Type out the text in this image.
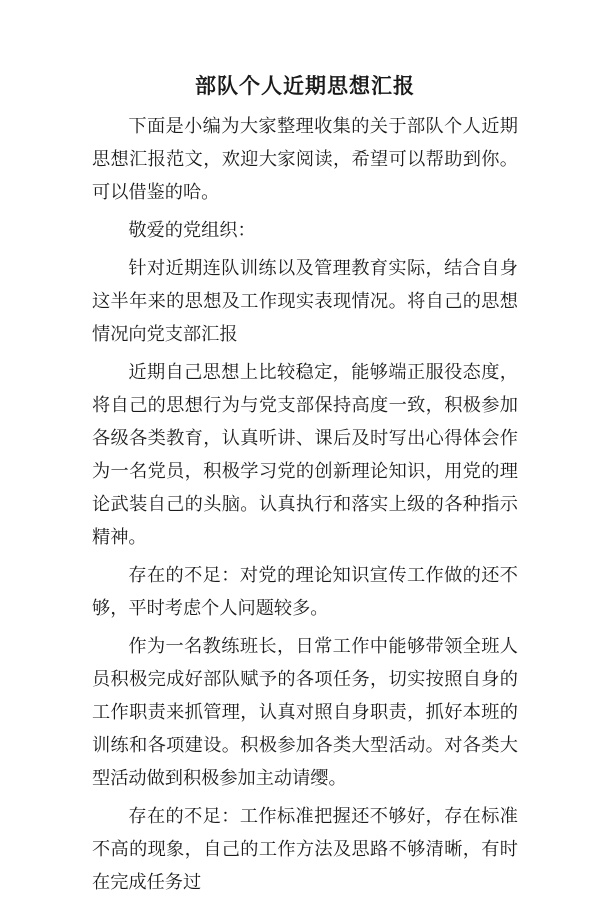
部队个人近期思想汇报

下面是小编为大家整理收集的关于部队个人近期思想汇报范文，欢迎大家阅读，希望可以帮助到你。可以借鉴的哈。

敬爱的党组织：

针对近期连队训练以及管理教育实际，结合自身这半年来的思想及工作现实表现情况。将自己的思想情况向党支部汇报

近期自己思想上比较稳定，能够端正服役态度，将自己的思想行为与党支部保持高度一致，积极参加各级各类教育，认真听讲、课后及时写出心得体会作为一名党员，积极学习党的创新理论知识，用党的理论武装自己的头脑。认真执行和落实上级的各种指示精神。

存在的不足：对党的理论知识宣传工作做的还不够，平时考虑个人问题较多。

作为一名教练班长，日常工作中能够带领全班人员积极完成好部队赋予的各项任务，切实按照自身的工作职责来抓管理，认真对照自身职责，抓好本班的训练和各项建设。积极参加各类大型活动。对各类大型活动做到积极参加主动请缨。

存在的不足：工作标准把握还不够好，存在标准不高的现象，自己的工作方法及思路不够清晰，有时在完成任务过
